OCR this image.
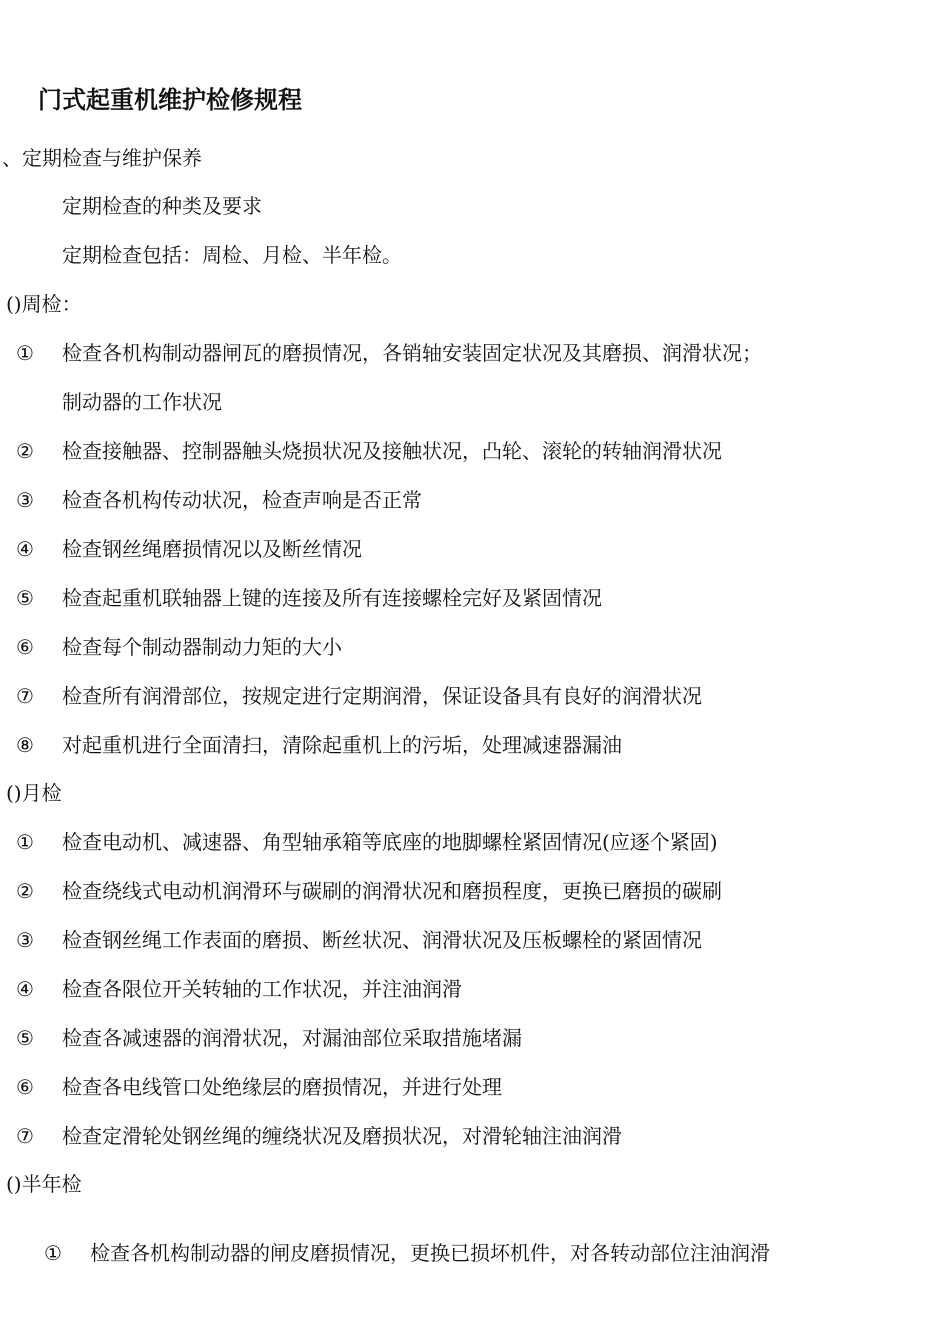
门式起重机维护检修规程
、定期检查与维护保养
定期检查的种类及要求
定期检查包括：周检、月检、半年检。
()周检：
① 检查各机构制动器闸瓦的磨损情况，各销轴安装固定状况及其磨损、润滑状况；
制动器的工作状况
② 检查接触器、控制器触头烧损状况及接触状况，凸轮、滚轮的转轴润滑状况
③ 检查各机构传动状况，检查声响是否正常
④ 检查钢丝绳磨损情况以及断丝情况
⑤ 检查起重机联轴器上键的连接及所有连接螺栓完好及紧固情况
⑥ 检查每个制动器制动力矩的大小
⑦ 检查所有润滑部位，按规定进行定期润滑，保证设备具有良好的润滑状况
⑧ 对起重机进行全面清扫，清除起重机上的污垢，处理减速器漏油
()月检
① 检查电动机、减速器、角型轴承箱等底座的地脚螺栓紧固情况(应逐个紧固)
② 检查绕线式电动机润滑环与碳刷的润滑状况和磨损程度，更换已磨损的碳刷
③ 检查钢丝绳工作表面的磨损、断丝状况、润滑状况及压板螺栓的紧固情况
④ 检查各限位开关转轴的工作状况，并注油润滑
⑤ 检查各减速器的润滑状况，对漏油部位采取措施堵漏
⑥ 检查各电线管口处绝缘层的磨损情况，并进行处理
⑦ 检查定滑轮处钢丝绳的缠绕状况及磨损状况，对滑轮轴注油润滑
()半年检
① 检查各机构制动器的闸皮磨损情况，更换已损坏机件，对各转动部位注油润滑
